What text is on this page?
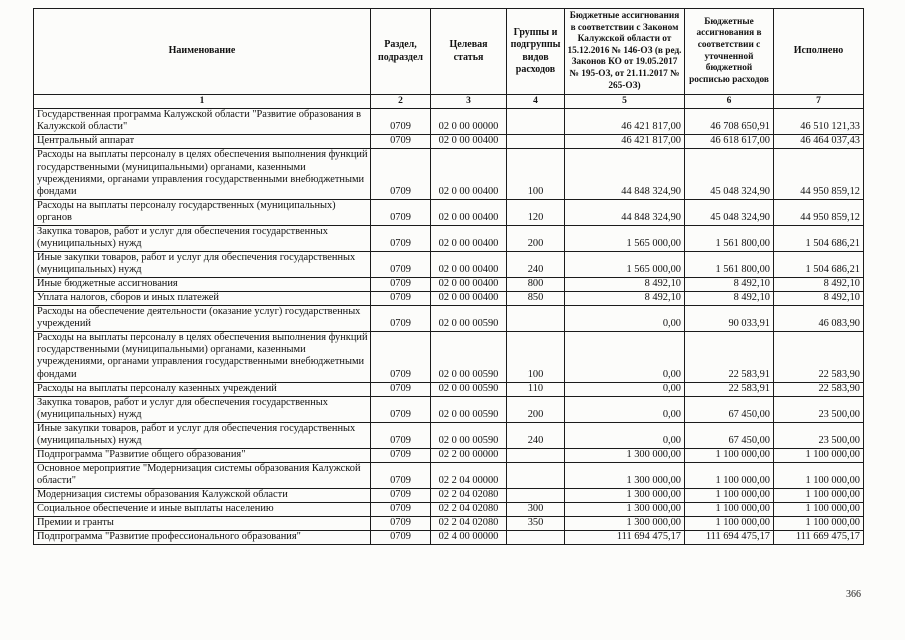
Наименование	Раздел, подраздел	Целевая статья	Группы и подгруппы видов расходов	Бюджетные ассигнования в соответствии с Законом Калужской области от 15.12.2016 № 146-ОЗ (в ред. Законов КО от 19.05.2017 № 195-ОЗ, от 21.11.2017 № 265-ОЗ)	Бюджетные ассигнования в соответствии с уточненной бюджетной росписью расходов	Исполнено
1	2	3	4	5	6	7
Государственная программа Калужской области "Развитие образования в Калужской области"	0709	02 0 00 00000		46 421 817,00	46 708 650,91	46 510 121,33
Центральный аппарат	0709	02 0 00 00400		46 421 817,00	46 618 617,00	46 464 037,43
Расходы на выплаты персоналу в целях обеспечения выполнения функций государственными (муниципальными) органами, казенными учреждениями, органами управления государственными внебюджетными фондами	0709	02 0 00 00400	100	44 848 324,90	45 048 324,90	44 950 859,12
Расходы на выплаты персоналу государственных (муниципальных) органов	0709	02 0 00 00400	120	44 848 324,90	45 048 324,90	44 950 859,12
Закупка товаров, работ и услуг для обеспечения государственных (муниципальных) нужд	0709	02 0 00 00400	200	1 565 000,00	1 561 800,00	1 504 686,21
Иные закупки товаров, работ и услуг для обеспечения государственных (муниципальных) нужд	0709	02 0 00 00400	240	1 565 000,00	1 561 800,00	1 504 686,21
Иные бюджетные ассигнования	0709	02 0 00 00400	800	8 492,10	8 492,10	8 492,10
Уплата налогов, сборов и иных платежей	0709	02 0 00 00400	850	8 492,10	8 492,10	8 492,10
Расходы на обеспечение деятельности (оказание услуг) государственных учреждений	0709	02 0 00 00590		0,00	90 033,91	46 083,90
Расходы на выплаты персоналу в целях обеспечения выполнения функций государственными (муниципальными) органами, казенными учреждениями, органами управления государственными внебюджетными фондами	0709	02 0 00 00590	100	0,00	22 583,91	22 583,90
Расходы на выплаты персоналу казенных учреждений	0709	02 0 00 00590	110	0,00	22 583,91	22 583,90
Закупка товаров, работ и услуг для обеспечения государственных (муниципальных) нужд	0709	02 0 00 00590	200	0,00	67 450,00	23 500,00
Иные закупки товаров, работ и услуг для обеспечения государственных (муниципальных) нужд	0709	02 0 00 00590	240	0,00	67 450,00	23 500,00
Подпрограмма "Развитие общего образования"	0709	02 2 00 00000		1 300 000,00	1 100 000,00	1 100 000,00
Основное мероприятие "Модернизация системы образования Калужской области"	0709	02 2 04 00000		1 300 000,00	1 100 000,00	1 100 000,00
Модернизация системы образования Калужской области	0709	02 2 04 02080		1 300 000,00	1 100 000,00	1 100 000,00
Социальное обеспечение и иные выплаты населению	0709	02 2 04 02080	300	1 300 000,00	1 100 000,00	1 100 000,00
Премии и гранты	0709	02 2 04 02080	350	1 300 000,00	1 100 000,00	1 100 000,00
Подпрограмма "Развитие профессионального образования"	0709	02 4 00 00000		111 694 475,17	111 694 475,17	111 669 475,17
366
